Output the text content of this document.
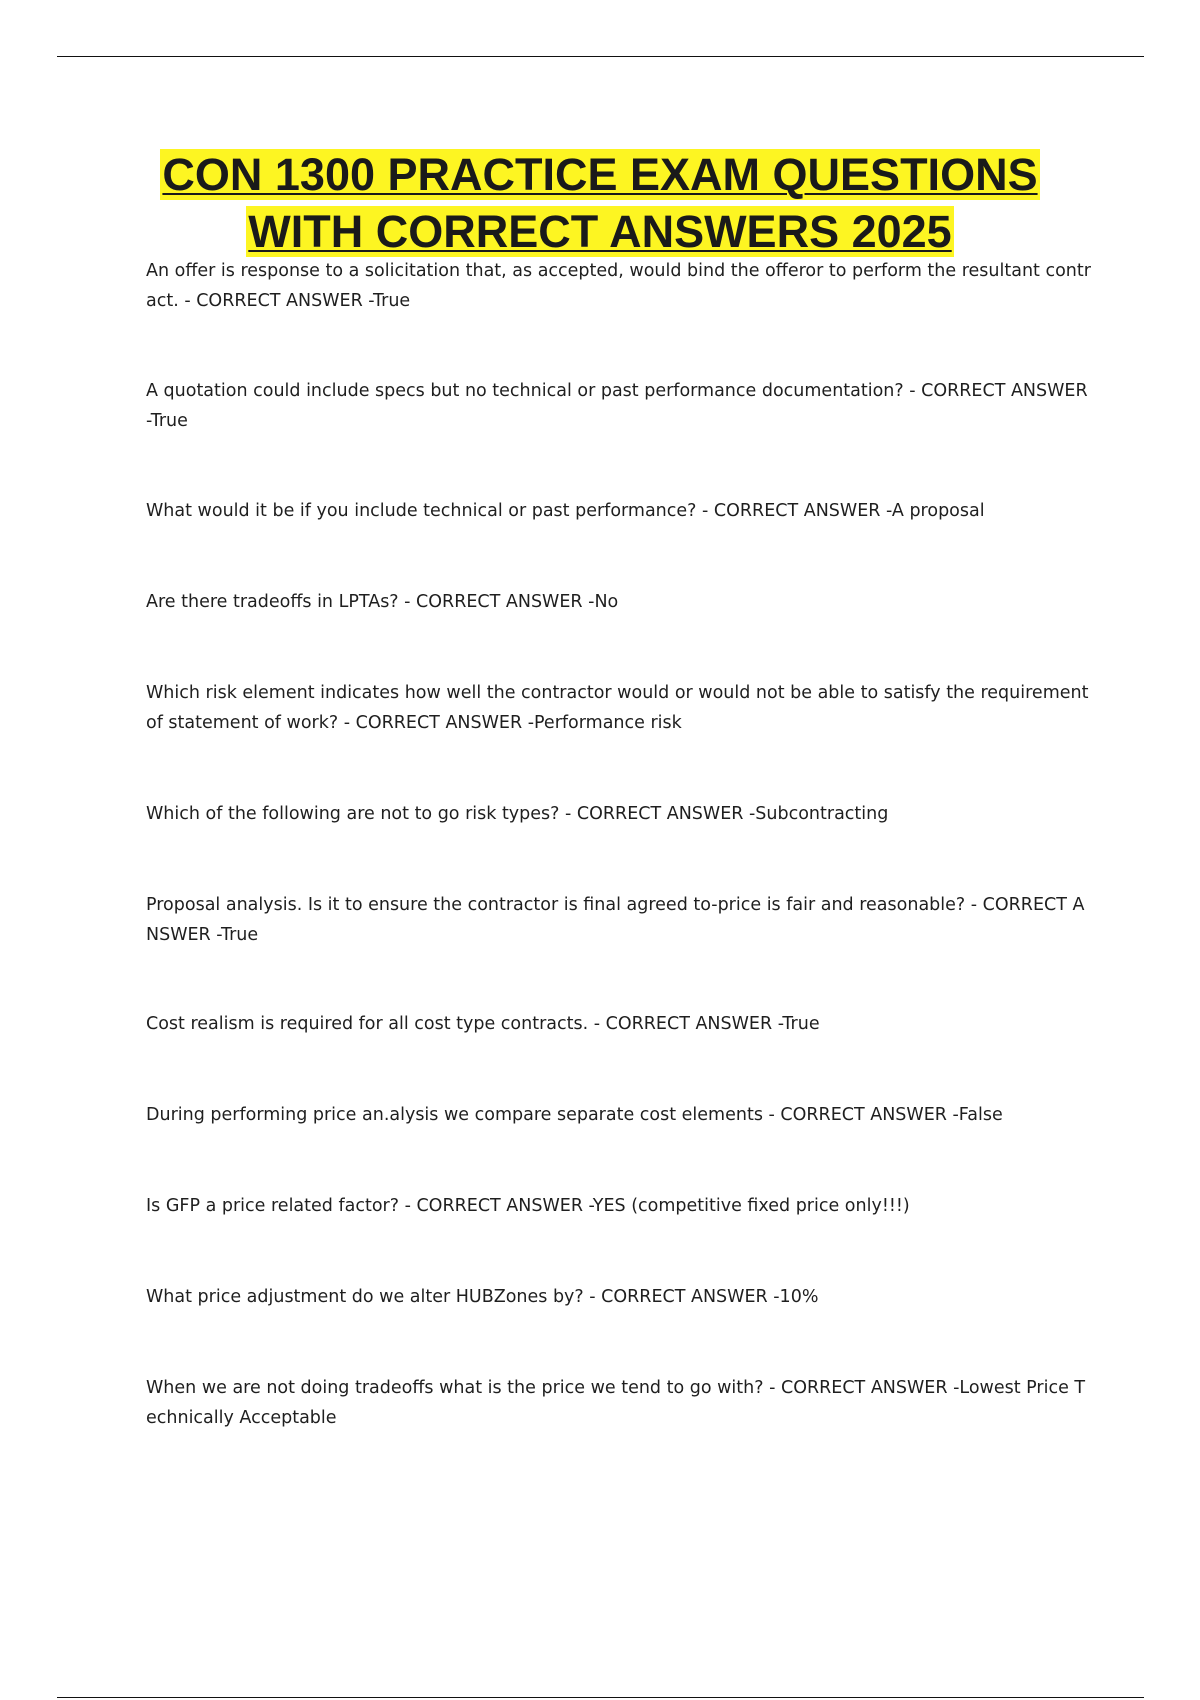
CON 1300 PRACTICE EXAM QUESTIONS
WITH CORRECT ANSWERS 2025
An offer is response to a solicitation that, as accepted, would bind the offeror to perform the resultant contract. - CORRECT ANSWER -True
A quotation could include specs but no technical or past performance documentation? - CORRECT ANSWER -True
What would it be if you include technical or past performance? - CORRECT ANSWER -A proposal
Are there tradeoffs in LPTAs? - CORRECT ANSWER -No
Which risk element indicates how well the contractor would or would not be able to satisfy the requirement of statement of work? - CORRECT ANSWER -Performance risk
Which of the following are not to go risk types? - CORRECT ANSWER -Subcontracting
Proposal analysis. Is it to ensure the contractor is final agreed to-price is fair and reasonable? - CORRECT ANSWER -True
Cost realism is required for all cost type contracts. - CORRECT ANSWER -True
During performing price an.alysis we compare separate cost elements - CORRECT ANSWER -False
Is GFP a price related factor? - CORRECT ANSWER -YES (competitive fixed price only!!!)
What price adjustment do we alter HUBZones by? - CORRECT ANSWER -10%
When we are not doing tradeoffs what is the price we tend to go with? - CORRECT ANSWER -Lowest Price Technically Acceptable
